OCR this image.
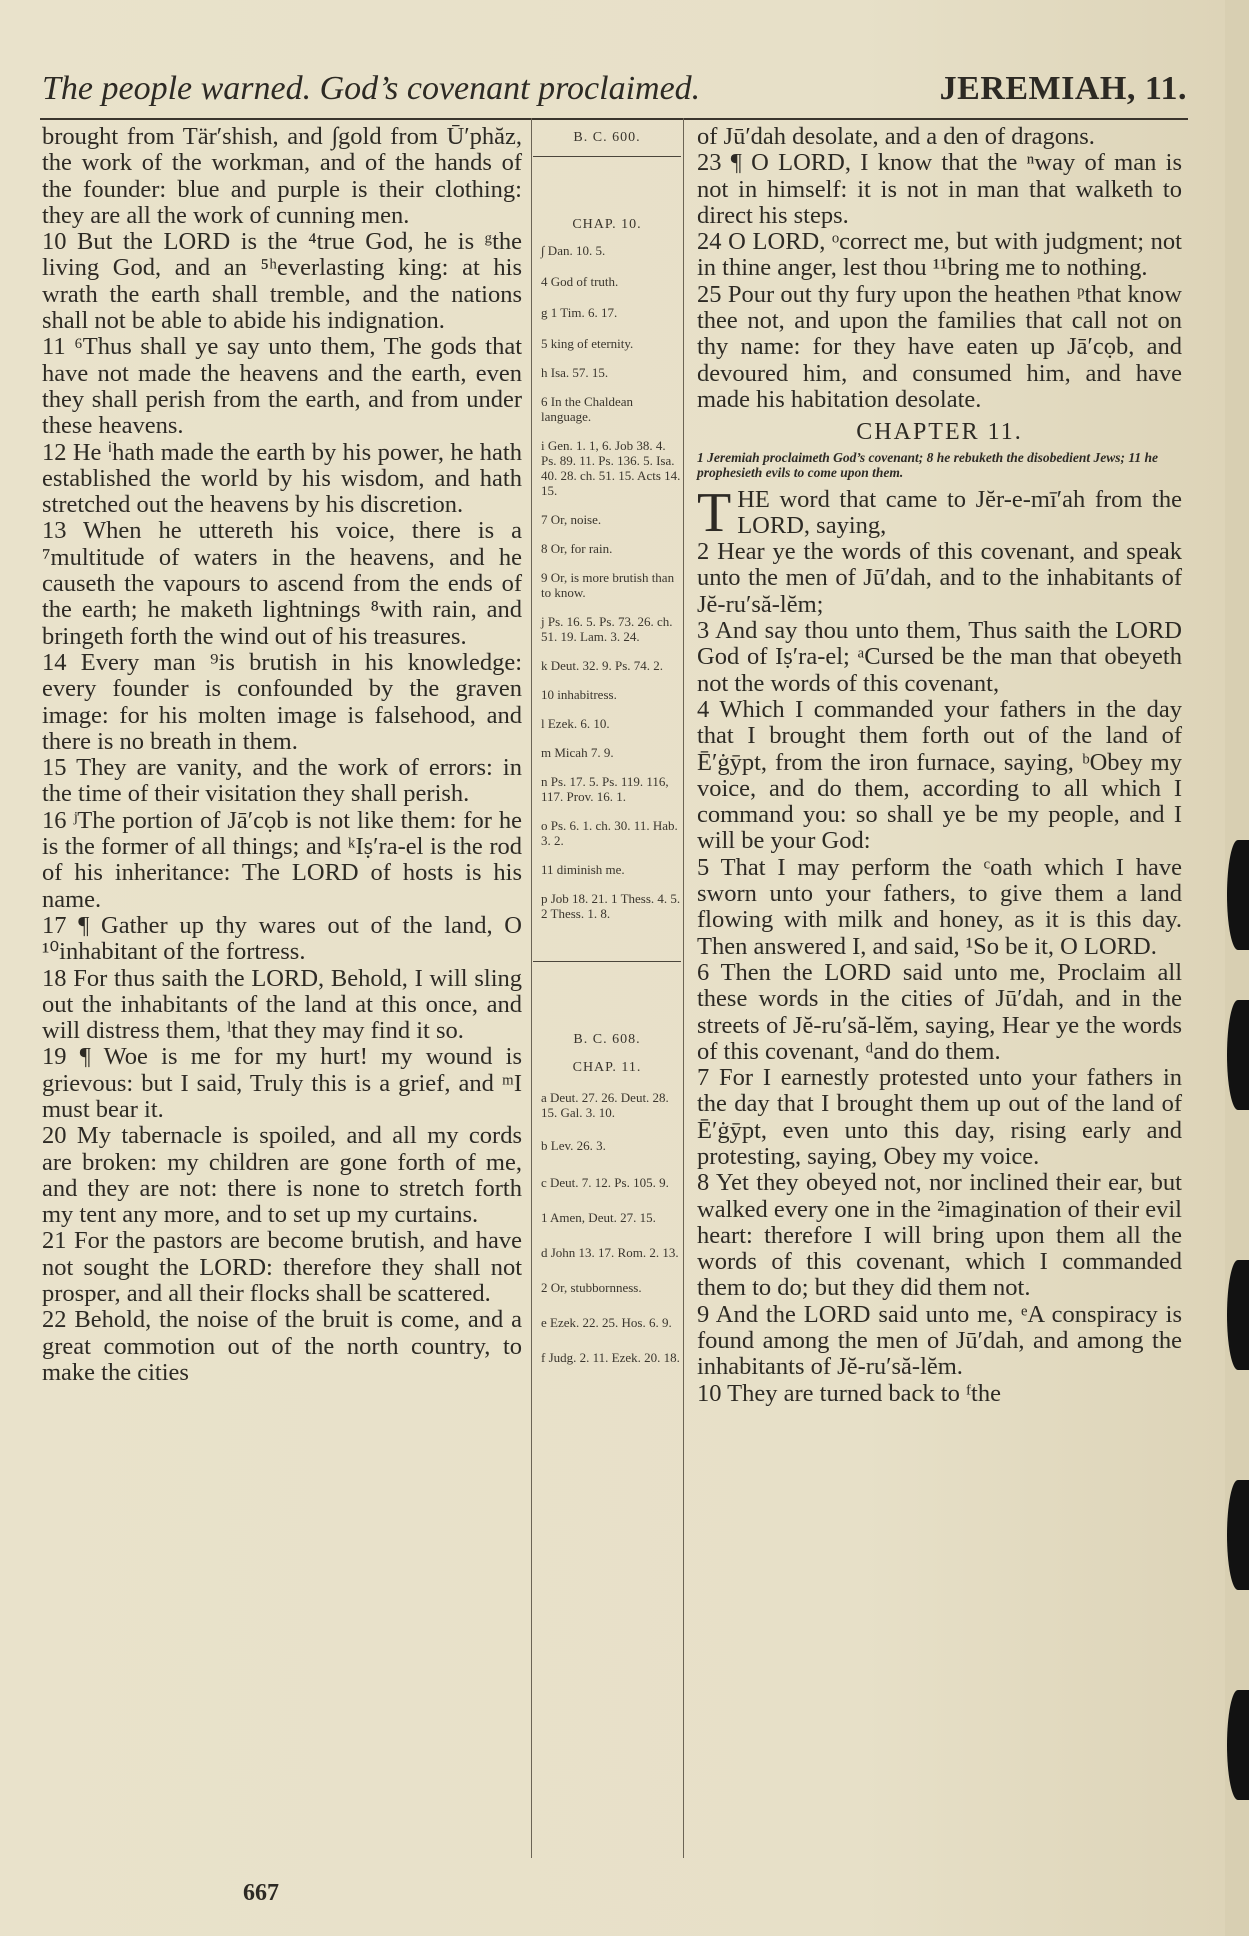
The people warned. God’s covenant proclaimed.	JEREMIAH, 11.

brought from Tär′shish, and ∫gold from Ū′phăz, the work of the workman, and of the hands of the founder: blue and purple is their clothing: they are all the work of cunning men.

10 But the LORD is the ⁴true God, he is ᵍthe living God, and an ⁵ʰeverlasting king: at his wrath the earth shall tremble, and the nations shall not be able to abide his indignation.

11 ⁶Thus shall ye say unto them, The gods that have not made the heavens and the earth, even they shall perish from the earth, and from under these heavens.

12 He ⁱhath made the earth by his power, he hath established the world by his wisdom, and hath stretched out the heavens by his discretion.

13 When he uttereth his voice, there is a ⁷multitude of waters in the heavens, and he causeth the vapours to ascend from the ends of the earth; he maketh lightnings ⁸with rain, and bringeth forth the wind out of his treasures.

14 Every man ⁹is brutish in his knowledge: every founder is confounded by the graven image: for his molten image is falsehood, and there is no breath in them.

15 They are vanity, and the work of errors: in the time of their visitation they shall perish.

16 ʲThe portion of Jā′cọb is not like them: for he is the former of all things; and ᵏIṣ′ra-el is the rod of his inheritance: The LORD of hosts is his name.

17 ¶ Gather up thy wares out of the land, O ¹⁰inhabitant of the fortress.

18 For thus saith the LORD, Behold, I will sling out the inhabitants of the land at this once, and will distress them, ˡthat they may find it so.

19 ¶ Woe is me for my hurt! my wound is grievous: but I said, Truly this is a grief, and ᵐI must bear it.

20 My tabernacle is spoiled, and all my cords are broken: my children are gone forth of me, and they are not: there is none to stretch forth my tent any more, and to set up my curtains.

21 For the pastors are become brutish, and have not sought the LORD: therefore they shall not prosper, and all their flocks shall be scattered.

22 Behold, the noise of the bruit is come, and a great commotion out of the north country, to make the cities

B. C. 600.
CHAP. 10.

∫ Dan. 10. 5.

4 God of truth.

g 1 Tim. 6. 17.

5 king of eternity.

h Isa. 57. 15.

6 In the Chaldean language.

i Gen. 1. 1, 6. Job 38. 4. Ps. 89. 11. Ps. 136. 5. Isa. 40. 28. ch. 51. 15. Acts 14. 15.

7 Or, noise.

8 Or, for rain.

9 Or, is more brutish than to know.

j Ps. 16. 5. Ps. 73. 26. ch. 51. 19. Lam. 3. 24.

k Deut. 32. 9. Ps. 74. 2.

10 inhabitress.

l Ezek. 6. 10.

m Micah 7. 9.

n Ps. 17. 5. Ps. 119. 116, 117. Prov. 16. 1.

o Ps. 6. 1. ch. 30. 11. Hab. 3. 2.

11 diminish me.

p Job 18. 21. 1 Thess. 4. 5. 2 Thess. 1. 8.

B. C. 608.
CHAP. 11.

a Deut. 27. 26. Deut. 28. 15. Gal. 3. 10.

b Lev. 26. 3.

c Deut. 7. 12. Ps. 105. 9.

1 Amen, Deut. 27. 15.

d John 13. 17. Rom. 2. 13.

2 Or, stubbornness.

e Ezek. 22. 25. Hos. 6. 9.

f Judg. 2. 11. Ezek. 20. 18.

of Jū′dah desolate, and a den of dragons.

23 ¶ O LORD, I know that the ⁿway of man is not in himself: it is not in man that walketh to direct his steps.

24 O LORD, ᵒcorrect me, but with judgment; not in thine anger, lest thou ¹¹bring me to nothing.

25 Pour out thy fury upon the heathen ᵖthat know thee not, and upon the families that call not on thy name: for they have eaten up Jā′cọb, and devoured him, and consumed him, and have made his habitation desolate.

CHAPTER 11.

1 Jeremiah proclaimeth God’s covenant; 8 he rebuketh the disobedient Jews; 11 he prophesieth evils to come upon them.

THE word that came to Jĕr-e-mī′ah from the LORD, saying,

2 Hear ye the words of this covenant, and speak unto the men of Jū′dah, and to the inhabitants of Jĕ-ru′să-lĕm;

3 And say thou unto them, Thus saith the LORD God of Iṣ′ra-el; ᵃCursed be the man that obeyeth not the words of this covenant,

4 Which I commanded your fathers in the day that I brought them forth out of the land of Ē′ġȳpt, from the iron furnace, saying, ᵇObey my voice, and do them, according to all which I command you: so shall ye be my people, and I will be your God:

5 That I may perform the ᶜoath which I have sworn unto your fathers, to give them a land flowing with milk and honey, as it is this day. Then answered I, and said, ¹So be it, O LORD.

6 Then the LORD said unto me, Proclaim all these words in the cities of Jū′dah, and in the streets of Jĕ-ru′să-lĕm, saying, Hear ye the words of this covenant, ᵈand do them.

7 For I earnestly protested unto your fathers in the day that I brought them up out of the land of Ē′ġȳpt, even unto this day, rising early and protesting, saying, Obey my voice.

8 Yet they obeyed not, nor inclined their ear, but walked every one in the ²imagination of their evil heart: therefore I will bring upon them all the words of this covenant, which I commanded them to do; but they did them not.

9 And the LORD said unto me, ᵉA conspiracy is found among the men of Jū′dah, and among the inhabitants of Jĕ-ru′să-lĕm.

10 They are turned back to ᶠthe

667
